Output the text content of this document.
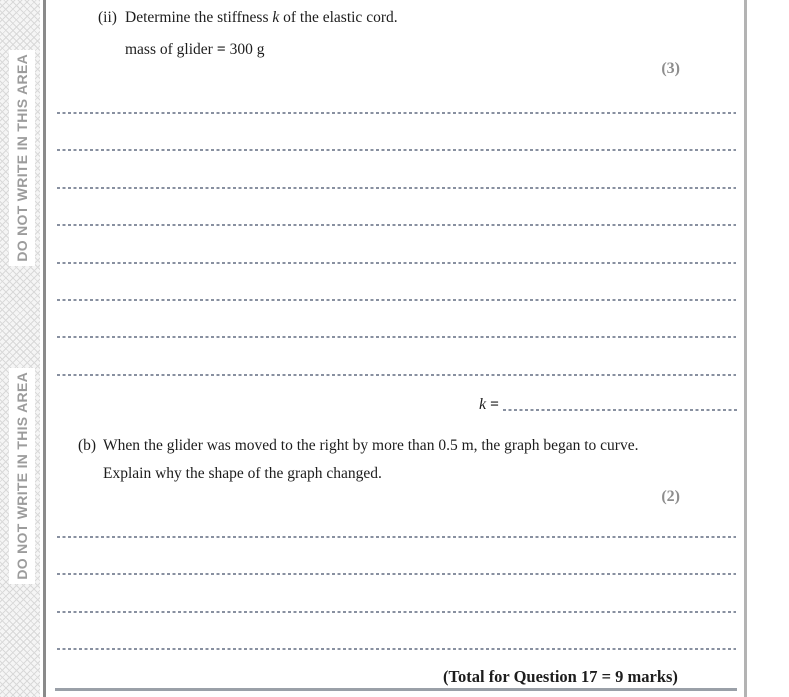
DO NOT WRITE IN THIS AREA
DO NOT WRITE IN THIS AREA
(ii) Determine the stiffness k of the elastic cord.
mass of glider = 300 g
(3)
k =
(b) When the glider was moved to the right by more than 0.5 m, the graph began to curve.
Explain why the shape of the graph changed.
(2)
(Total for Question 17 = 9 marks)
